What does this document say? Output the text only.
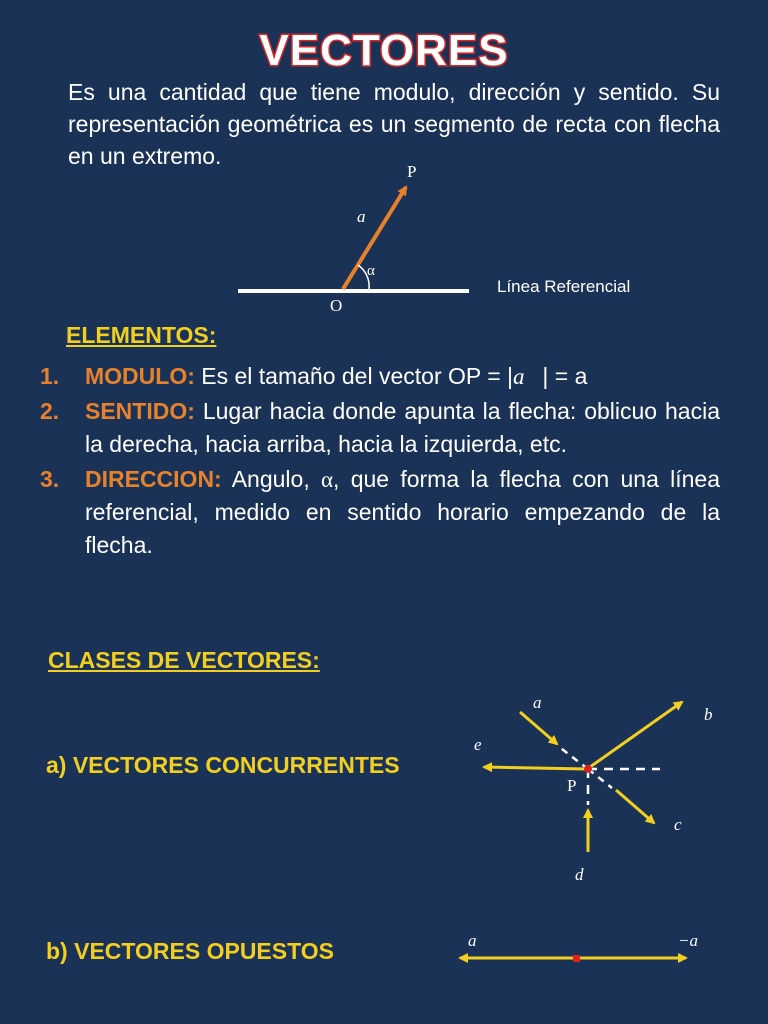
VECTORES
Es una cantidad que tiene modulo, dirección y sentido. Su representación geométrica es un segmento de recta con flecha en un extremo.
P
O
a⃗
α
Línea Referencial
ELEMENTOS:
1. MODULO: Es el tamaño del vector OP = |a⃗| = a
2. SENTIDO: Lugar hacia donde apunta la flecha: oblicuo hacia la derecha, hacia arriba, hacia la izquierda, etc.
3. DIRECCION: Angulo, α, que forma la flecha con una línea referencial, medido en sentido horario empezando de la flecha.
CLASES DE VECTORES:
a) VECTORES CONCURRENTES
b) VECTORES OPUESTOS
P
a⃗
b⃗
c⃗
d⃗
e⃗
a⃗	−a⃗
